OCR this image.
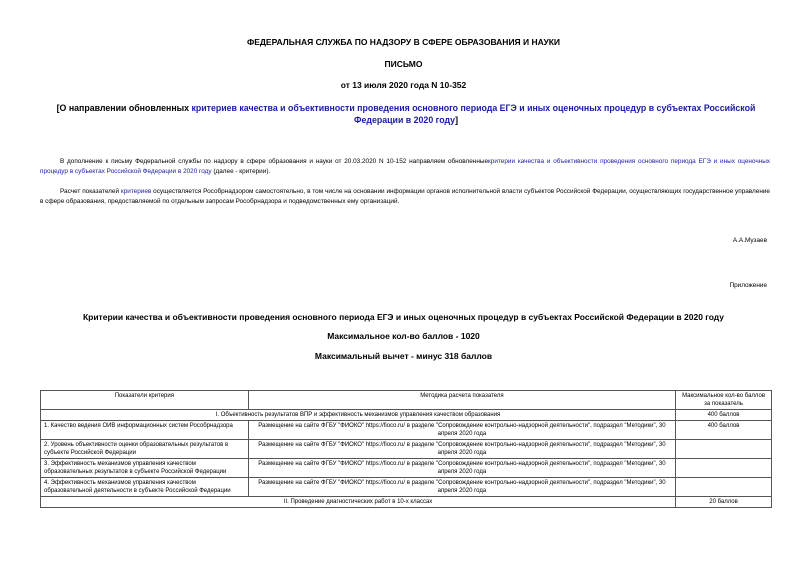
ФЕДЕРАЛЬНАЯ СЛУЖБА ПО НАДЗОРУ В СФЕРЕ ОБРАЗОВАНИЯ И НАУКИ
ПИСЬМО
от 13 июля 2020 года N 10-352
[О направлении обновленных критериев качества и объективности проведения основного периода ЕГЭ и иных оценочных процедур в субъектах Российской Федерации в 2020 году]
В дополнение к письму Федеральной службы по надзору в сфере образования и науки от 20.03.2020 N 10-152 направляем обновленныекритерии качества и объективности проведения основного периода ЕГЭ и иных оценочных процедур в субъектах Российской Федерации в 2020 году (далее - критерии).
Расчет показателей критериев осуществляется Рособрнадзором самостоятельно, в том числе на основании информации органов исполнительной власти субъектов Российской Федерации, осуществляющих государственное управление в сфере образования, предоставляемой по отдельным запросам Рособрнадзора и подведомственных ему организаций.
А.А.Музаев
Приложение
Критерии качества и объективности проведения основного периода ЕГЭ и иных оценочных процедур в субъектах Российской Федерации в 2020 году
Максимальное кол-во баллов - 1020
Максимальный вычет - минус 318 баллов
Показатели критерия	Методика расчета показателя	Максимальное кол-во баллов за показатель
I. Объективность результатов ВПР и эффективность механизмов управления качеством образования		400 баллов
1. Качество ведения ОИВ информационных систем Рособрнадзора	Размещение на сайте ФГБУ "ФИОКО" https://fioco.ru/ в разделе "Сопровождение контрольно-надзорной деятельности", подраздел "Методики", 30 апреля 2020 года	400 баллов
2. Уровень объективности оценки образовательных результатов в субъекте Российской Федерации	Размещение на сайте ФГБУ "ФИОКО" https://fioco.ru/ в разделе "Сопровождение контрольно-надзорной деятельности", подраздел "Методики", 30 апреля 2020 года	
3. Эффективность механизмов управления качеством образовательных результатов в субъекте Российской Федерации	Размещение на сайте ФГБУ "ФИОКО" https://fioco.ru/ в разделе "Сопровождение контрольно-надзорной деятельности", подраздел "Методики", 30 апреля 2020 года	
4. Эффективность механизмов управления качеством образовательной деятельности в субъекте Российской Федерации	Размещение на сайте ФГБУ "ФИОКО" https://fioco.ru/ в разделе "Сопровождение контрольно-надзорной деятельности", подраздел "Методики", 30 апреля 2020 года	
II. Проведение диагностических работ в 10-х классах		20 баллов
